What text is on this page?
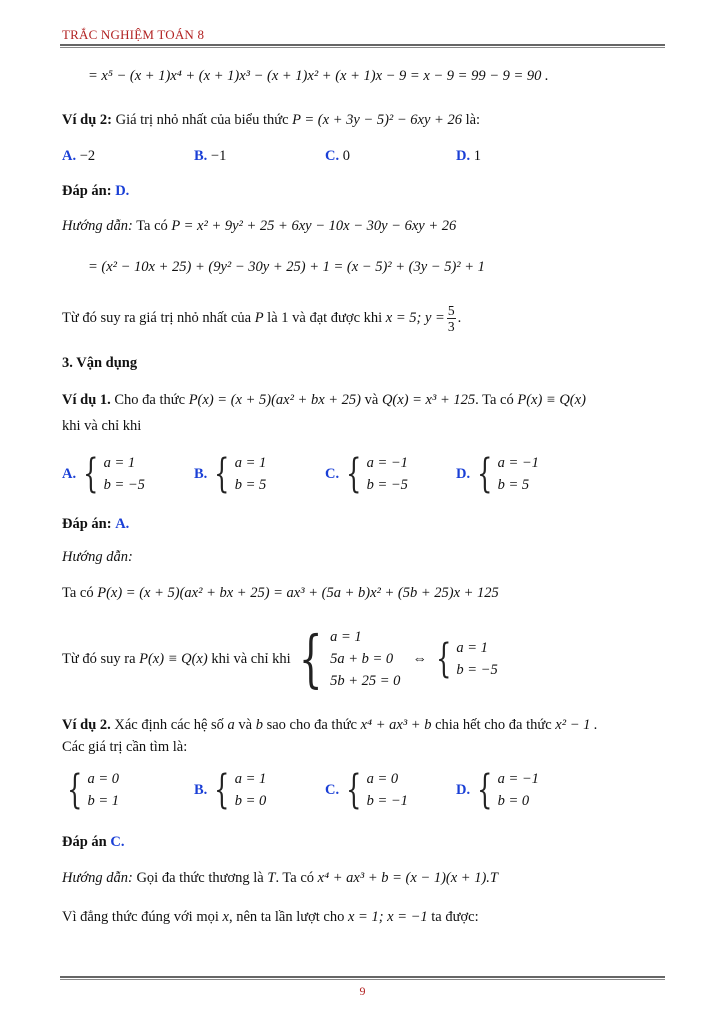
TRẮC NGHIỆM TOÁN 8
= x⁵ − (x + 1)x⁴ + (x + 1)x³ − (x + 1)x² + (x + 1)x − 9 = x − 9 = 99 − 9 = 90 .
Ví dụ 2: Giá trị nhỏ nhất của biểu thức P = (x + 3y − 5)² − 6xy + 26 là:
A. −2	B. −1	C. 0	D. 1
Đáp án: D.
Hướng dẫn: Ta có P = x² + 9y² + 25 + 6xy − 10x − 30y − 6xy + 26
= (x² − 10x + 25) + (9y² − 30y + 25) + 1 = (x − 5)² + (3y − 5)² + 1
Từ đó suy ra giá trị nhỏ nhất của
P
là 1 và đạt được khi
x = 5; $y = \frac{5}{3}$ .
3. Vận dụng
Ví dụ 1. Cho đa thức P(x) = (x + 5)(ax² + bx + 25) và Q(x) = x³ + 125. Ta có P(x) ≡ Q(x)
khi và chỉ khi
A. { a = 1
b = −5
B. { a = 1
b = 5
C. { a = −1
b = −5
D. { a = −1
b = 5
Đáp án: A.
Hướng dẫn:
Ta có P(x) = (x + 5)(ax² + bx + 25) = ax³ + (5a + b)x² + (5b + 25)x + 125
Từ đó suy ra
P(x) ≡ Q(x)
khi và chỉ khi { a = 1
5a + b = 0
5b + 25 = 0
⇔ { a = 1
b = −5
Ví dụ 2. Xác định các hệ số a và b sao cho đa thức x⁴ + ax³ + b chia hết cho đa thức x² − 1 .
Các giá trị cần tìm là:
{ a = 0
b = 1
B. { a = 1
b = 0
C. { a = 0
b = −1
D. { a = −1
b = 0
Đáp án C.
Hướng dẫn: Gọi đa thức thương là T. Ta có x⁴ + ax³ + b = (x − 1)(x + 1).T
Vì đẳng thức đúng với mọi x, nên ta lần lượt cho x = 1; x = −1 ta được:
9
